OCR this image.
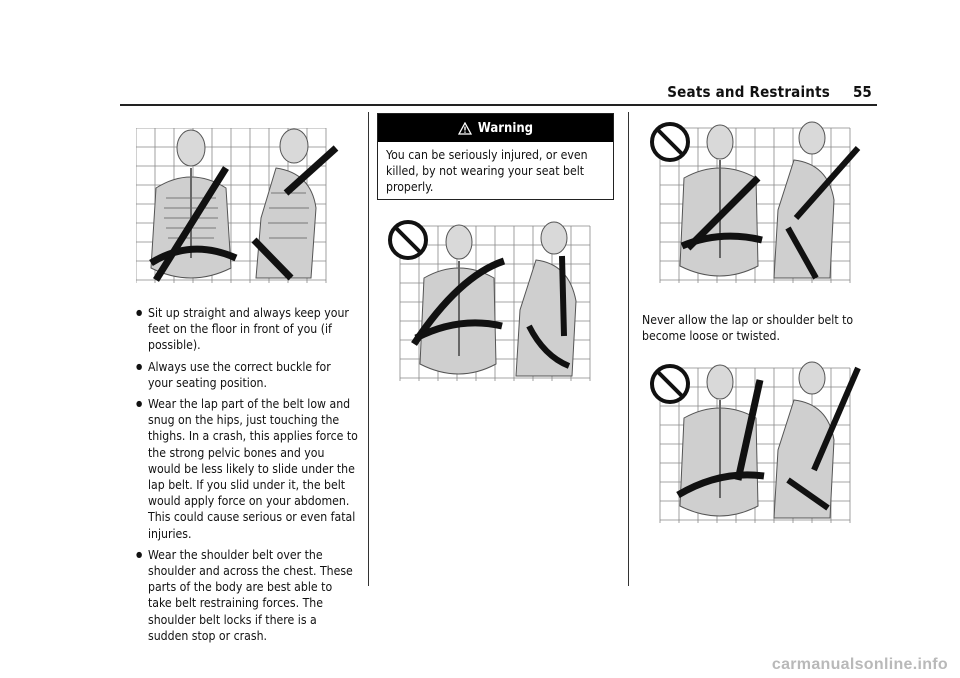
Seats and Restraints 55
● Sit up straight and always keep your feet on the floor in front of you (if possible).
● Always use the correct buckle for your seating position.
● Wear the lap part of the belt low and snug on the hips, just touching the thighs. In a crash, this applies force to the strong pelvic bones and you would be less likely to slide under the lap belt. If you slid under it, the belt would apply force on your abdomen. This could cause serious or even fatal injuries.
● Wear the shoulder belt over the shoulder and across the chest. These parts of the body are best able to take belt restraining forces. The shoulder belt locks if there is a sudden stop or crash.
Warning
You can be seriously injured, or even killed, by not wearing your seat belt properly.
Never allow the lap or shoulder belt to become loose or twisted.
carmanualsonline.info
